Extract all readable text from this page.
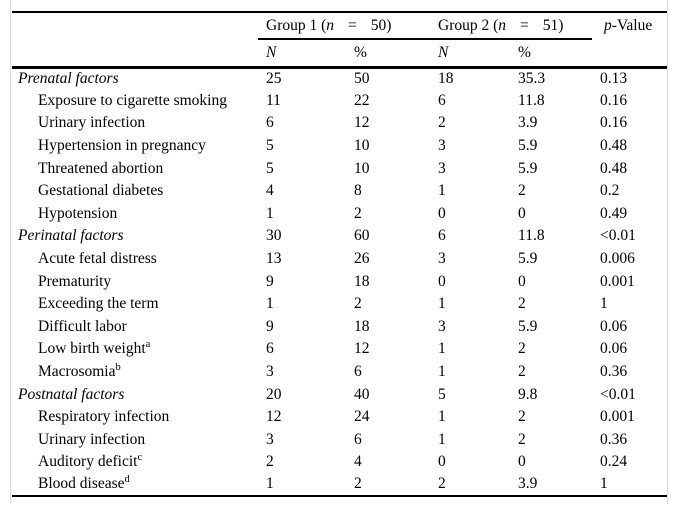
	Group 1 (n = 50)		Group 2 (n = 51)		p-Value
	N	%	N	%	
Prenatal factors	25	50	18	35.3	0.13
Exposure to cigarette smoking	11	22	6	11.8	0.16
Urinary infection	6	12	2	3.9	0.16
Hypertension in pregnancy	5	10	3	5.9	0.48
Threatened abortion	5	10	3	5.9	0.48
Gestational diabetes	4	8	1	2	0.2
Hypotension	1	2	0	0	0.49
Perinatal factors	30	60	6	11.8	<0.01
Acute fetal distress	13	26	3	5.9	0.006
Prematurity	9	18	0	0	0.001
Exceeding the term	1	2	1	2	1
Difficult labor	9	18	3	5.9	0.06
Low birth weight$^a$	6	12	1	2	0.06
Macrosomia$^b$	3	6	1	2	0.36
Postnatal factors	20	40	5	9.8	<0.01
Respiratory infection	12	24	1	2	0.001
Urinary infection	3	6	1	2	0.36
Auditory deficit$^c$	2	4	0	0	0.24
Blood disease$^d$	1	2	2	3.9	1
